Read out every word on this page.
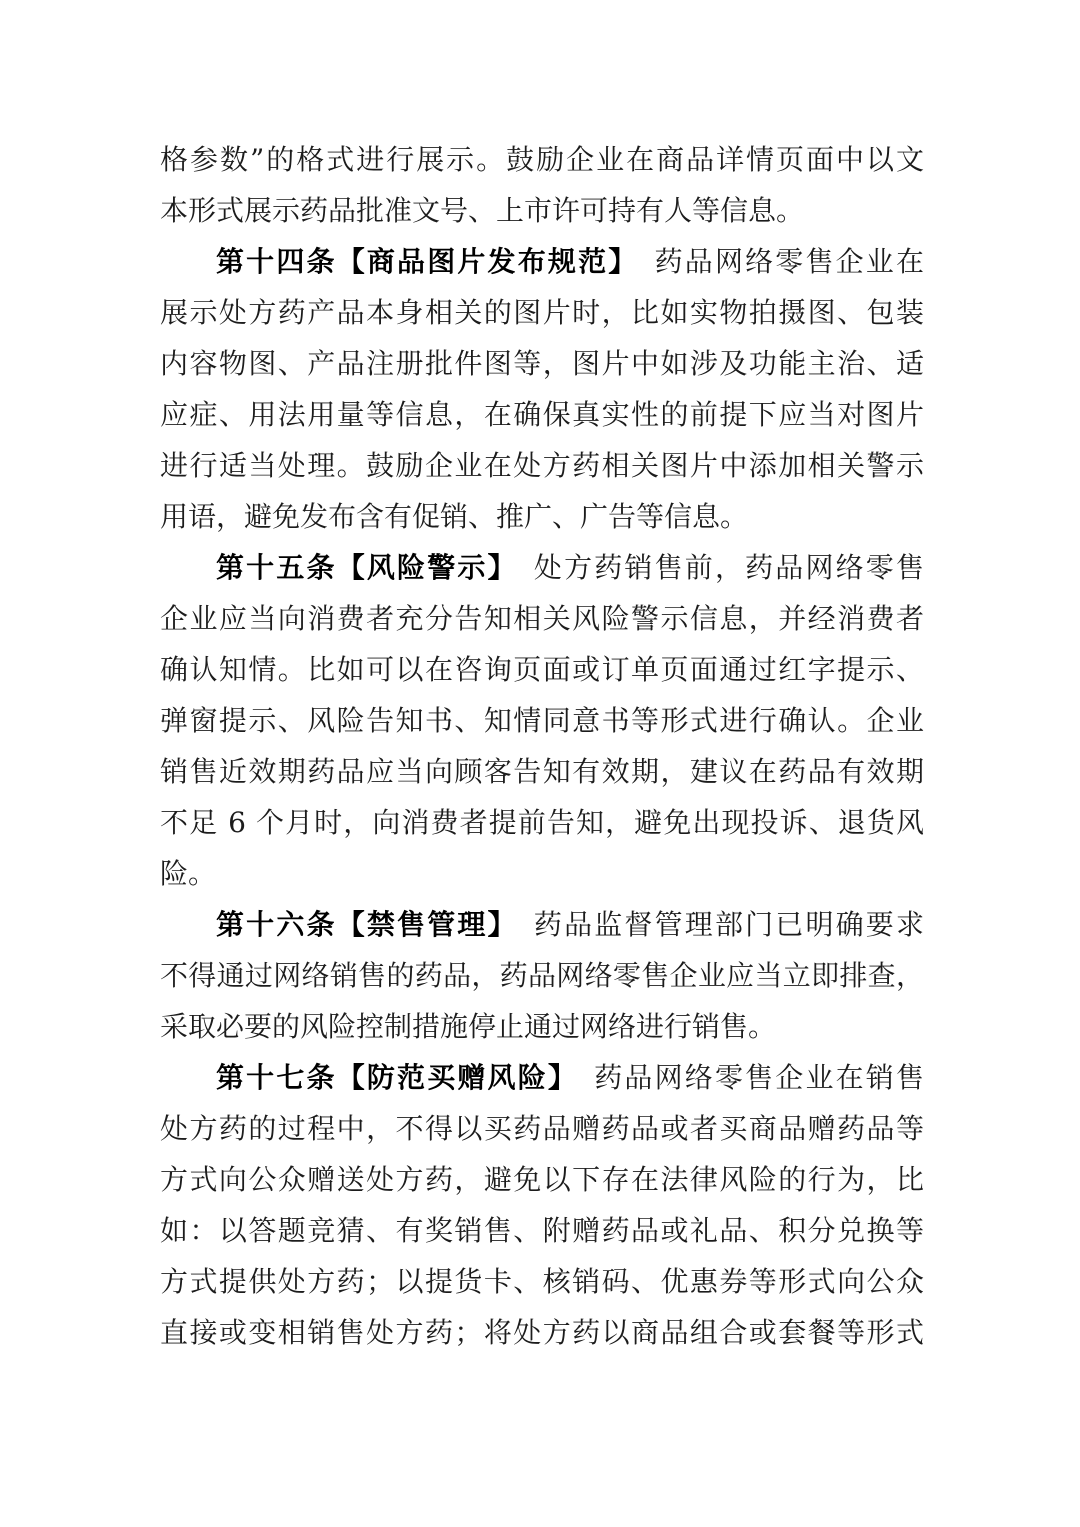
格参数”的格式进行展示。鼓励企业在商品详情页面中以文
本形式展示药品批准文号、上市许可持有人等信息。
第十四条【商品图片发布规范】　药品网络零售企业在
展示处方药产品本身相关的图片时，比如实物拍摄图、包装
内容物图、产品注册批件图等，图片中如涉及功能主治、适
应症、用法用量等信息，在确保真实性的前提下应当对图片
进行适当处理。鼓励企业在处方药相关图片中添加相关警示
用语，避免发布含有促销、推广、广告等信息。
第十五条【风险警示】　处方药销售前，药品网络零售
企业应当向消费者充分告知相关风险警示信息，并经消费者
确认知情。比如可以在咨询页面或订单页面通过红字提示、
弹窗提示、风险告知书、知情同意书等形式进行确认。企业
销售近效期药品应当向顾客告知有效期，建议在药品有效期
不足 6 个月时，向消费者提前告知，避免出现投诉、退货风
险。
第十六条【禁售管理】　药品监督管理部门已明确要求
不得通过网络销售的药品，药品网络零售企业应当立即排查，
采取必要的风险控制措施停止通过网络进行销售。
第十七条【防范买赠风险】　药品网络零售企业在销售
处方药的过程中，不得以买药品赠药品或者买商品赠药品等
方式向公众赠送处方药，避免以下存在法律风险的行为，比
如：以答题竞猜、有奖销售、附赠药品或礼品、积分兑换等
方式提供处方药；以提货卡、核销码、优惠券等形式向公众
直接或变相销售处方药；将处方药以商品组合或套餐等形式
